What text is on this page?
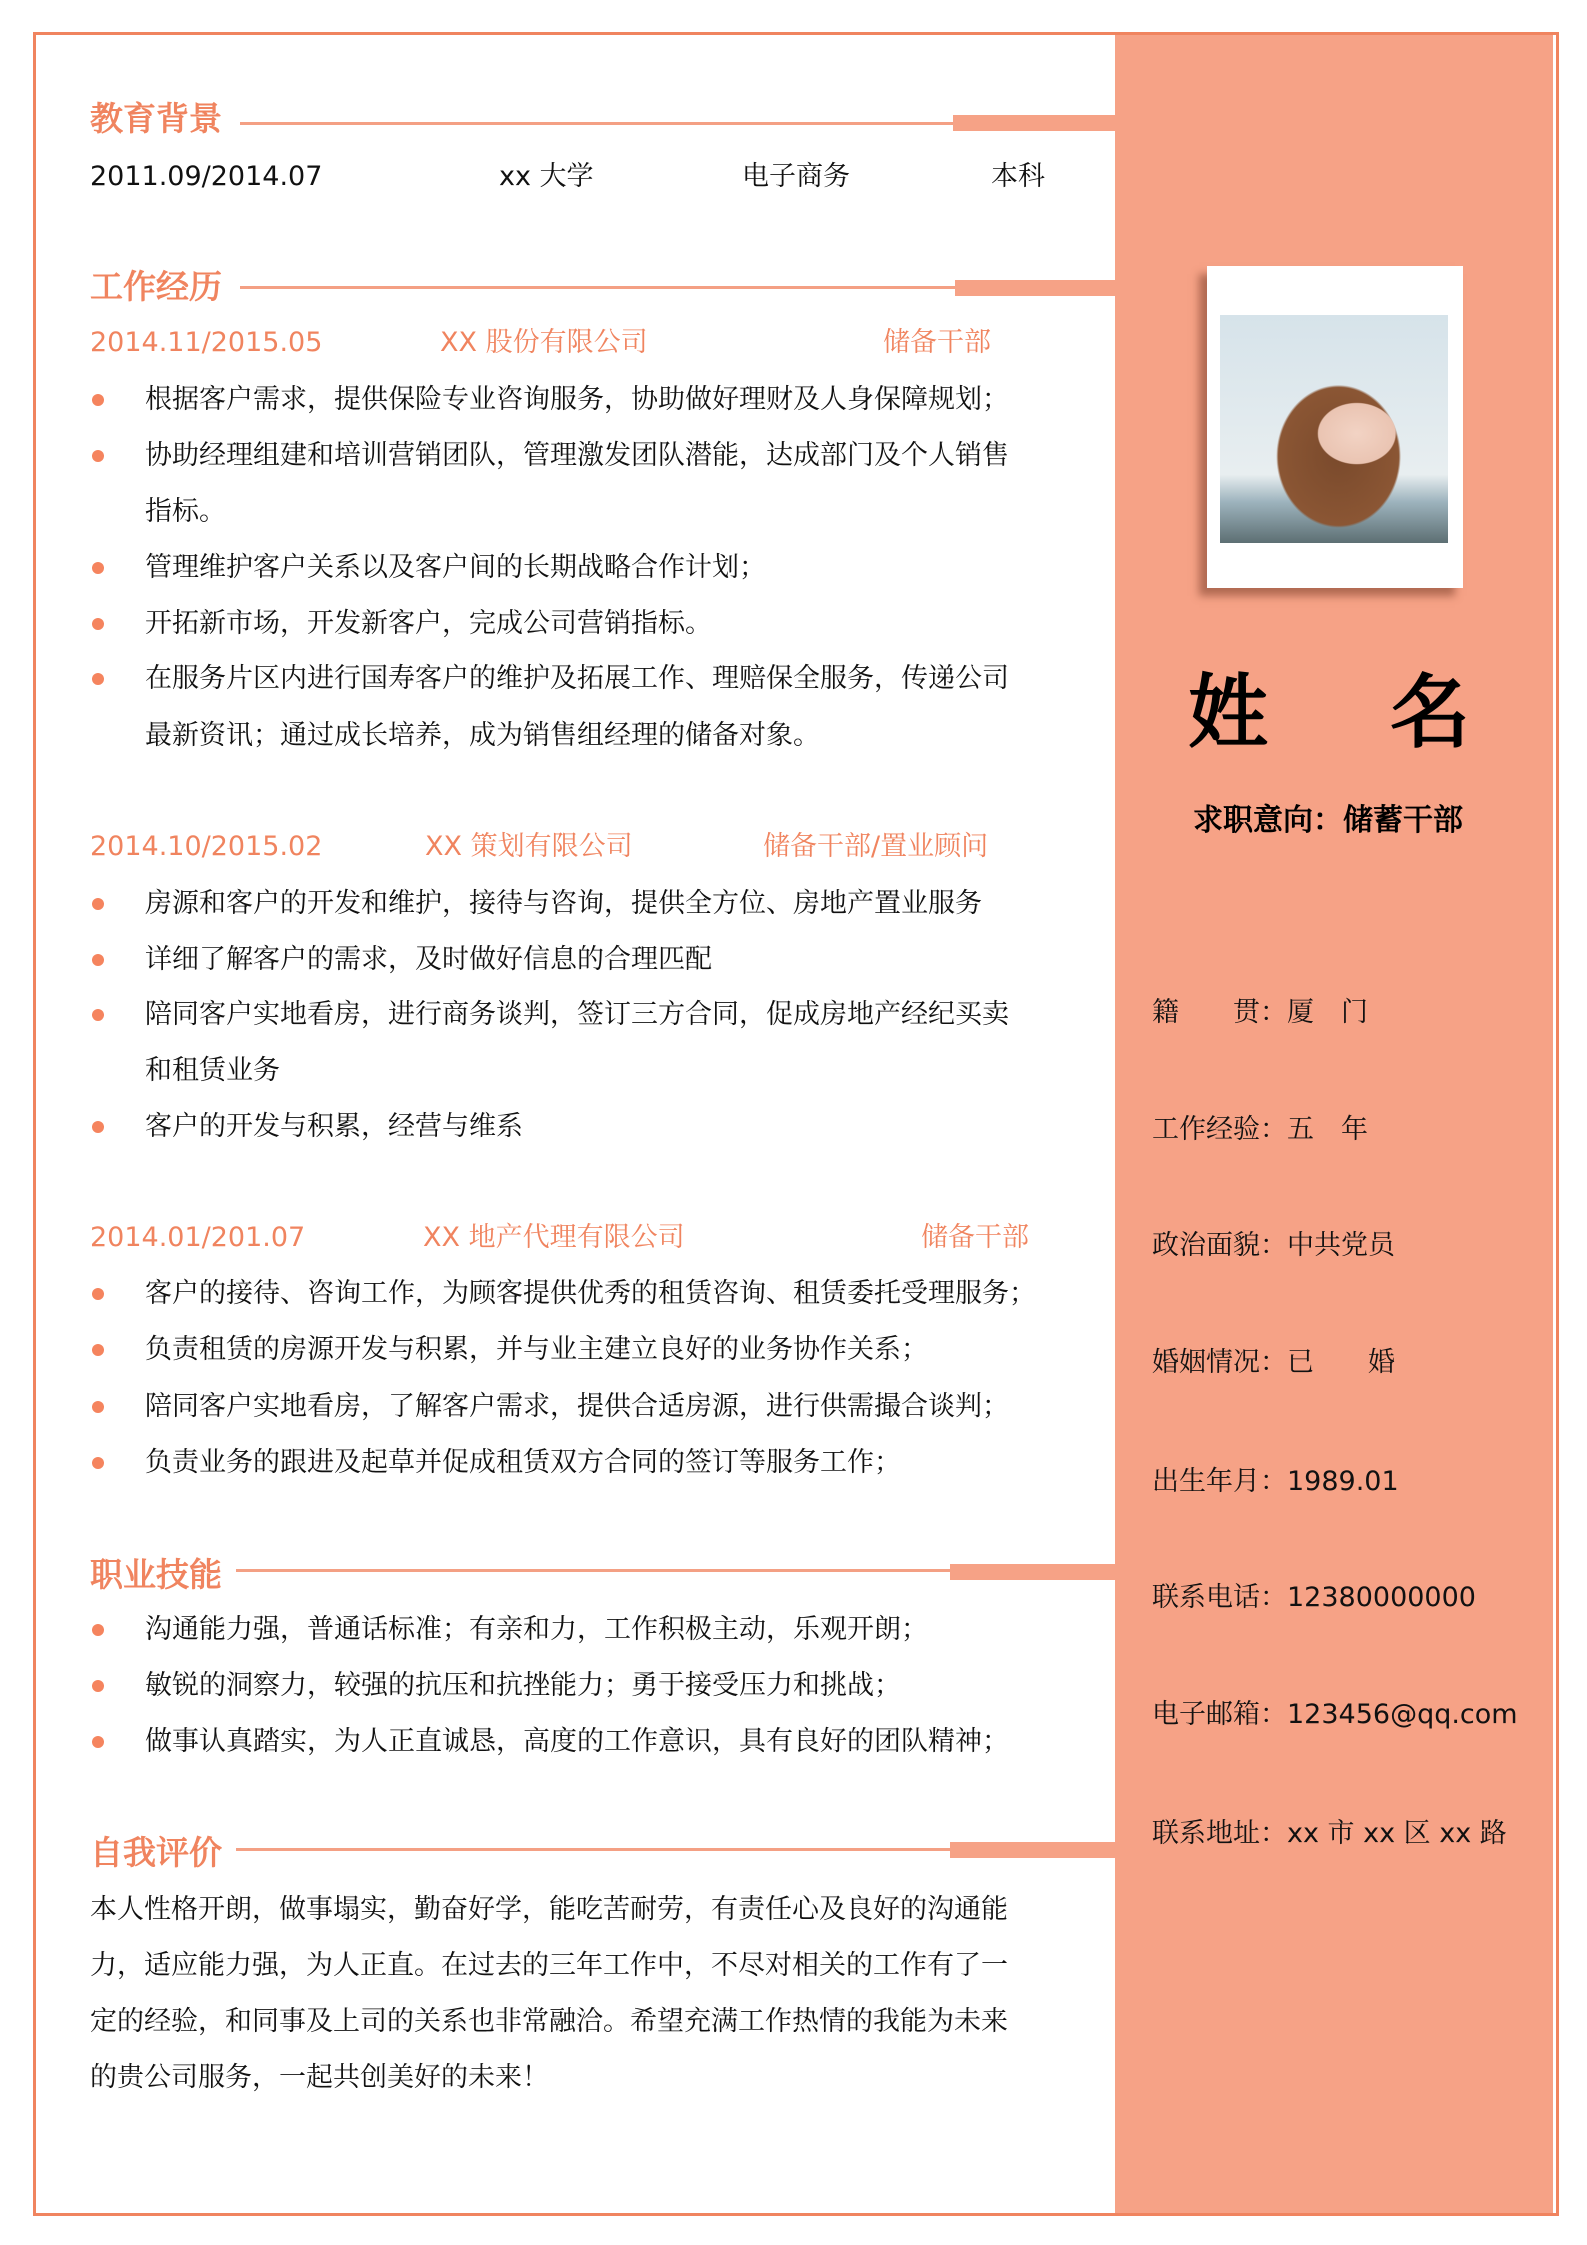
教育背景
2011.09/2014.07	xx 大学	电子商务	本科
工作经历
2014.11/2015.05	XX 股份有限公司	储备干部
根据客户需求，提供保险专业咨询服务，协助做好理财及人身保障规划；
协助经理组建和培训营销团队，管理激发团队潜能，达成部门及个人销售
指标。
管理维护客户关系以及客户间的长期战略合作计划；
开拓新市场，开发新客户，完成公司营销指标。
在服务片区内进行国寿客户的维护及拓展工作、理赔保全服务，传递公司
最新资讯；通过成长培养，成为销售组经理的储备对象。
2014.10/2015.02	XX 策划有限公司	储备干部/置业顾问
房源和客户的开发和维护，接待与咨询，提供全方位、房地产置业服务
详细了解客户的需求，及时做好信息的合理匹配
陪同客户实地看房，进行商务谈判，签订三方合同，促成房地产经纪买卖
和租赁业务
客户的开发与积累，经营与维系
2014.01/201.07	XX 地产代理有限公司	储备干部
客户的接待、咨询工作，为顾客提供优秀的租赁咨询、租赁委托受理服务；
负责租赁的房源开发与积累，并与业主建立良好的业务协作关系；
陪同客户实地看房，了解客户需求，提供合适房源，进行供需撮合谈判；
负责业务的跟进及起草并促成租赁双方合同的签订等服务工作；
职业技能
沟通能力强，普通话标准；有亲和力，工作积极主动，乐观开朗；
敏锐的洞察力，较强的抗压和抗挫能力；勇于接受压力和挑战；
做事认真踏实，为人正直诚恳，高度的工作意识，具有良好的团队精神；
自我评价
本人性格开朗，做事塌实，勤奋好学，能吃苦耐劳，有责任心及良好的沟通能
力，适应能力强，为人正直。在过去的三年工作中，不尽对相关的工作有了一
定的经验，和同事及上司的关系也非常融洽。希望充满工作热情的我能为未来
的贵公司服务，一起共创美好的未来！
姓 名
求职意向：储蓄干部
籍　　贯：厦　门
工作经验：五　年
政治面貌：中共党员
婚姻情况：已　　婚
出生年月：1989.01
联系电话：12380000000
电子邮箱：123456@qq.com
联系地址：xx 市 xx 区 xx 路
